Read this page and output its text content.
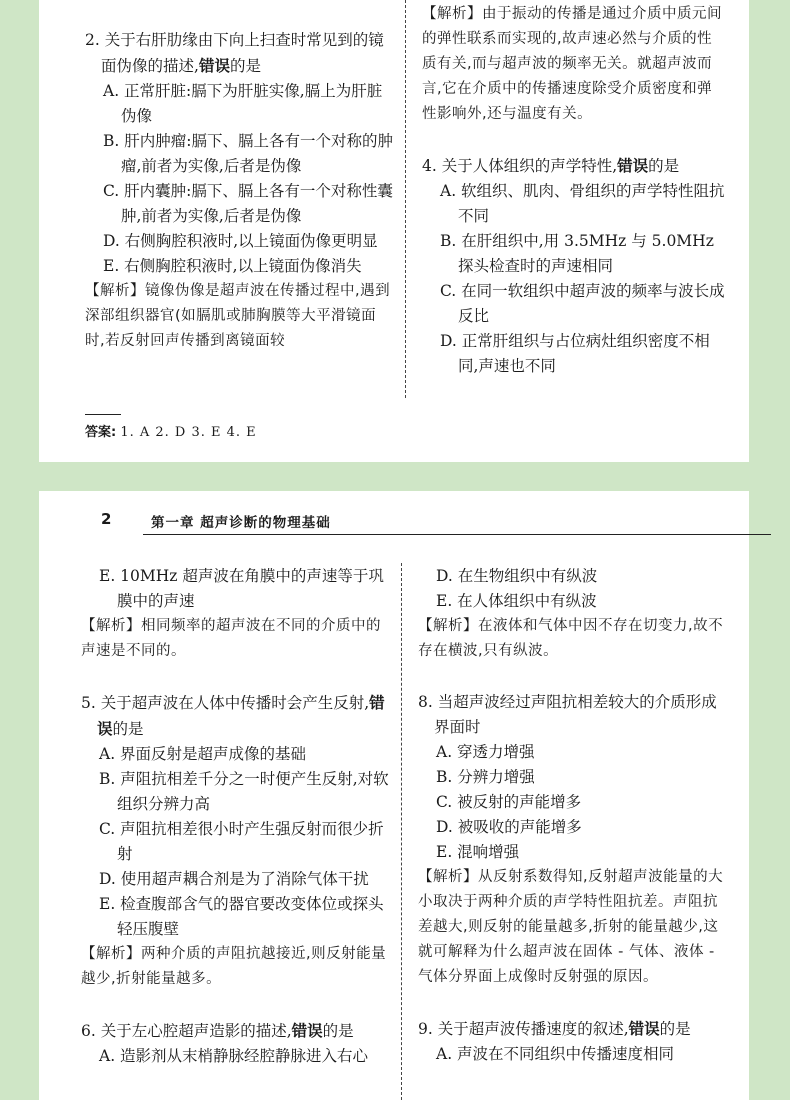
2. 关于右肝肋缘由下向上扫查时常见到的镜面伪像的描述,错误的是
A. 正常肝脏:膈下为肝脏实像,膈上为肝脏伪像
B. 肝内肿瘤:膈下、膈上各有一个对称的肿瘤,前者为实像,后者是伪像
C. 肝内囊肿:膈下、膈上各有一个对称性囊肿,前者为实像,后者是伪像
D. 右侧胸腔积液时,以上镜面伪像更明显
E. 右侧胸腔积液时,以上镜面伪像消失
【解析】镜像伪像是超声波在传播过程中,遇到深部组织器官(如膈肌或肺胸膜等大平滑镜面时,若反射回声传播到离镜面较
【解析】由于振动的传播是通过介质中质元间的弹性联系而实现的,故声速必然与介质的性质有关,而与超声波的频率无关。就超声波而言,它在介质中的传播速度除受介质密度和弹性影响外,还与温度有关。
4. 关于人体组织的声学特性,错误的是
A. 软组织、肌肉、骨组织的声学特性阻抗不同
B. 在肝组织中,用 3.5MHz 与 5.0MHz 探头检查时的声速相同
C. 在同一软组织中超声波的频率与波长成反比
D. 正常肝组织与占位病灶组织密度不相同,声速也不同
答案: 1. A 2. D 3. E 4. E
2	第一章 超声诊断的物理基础
E. 10MHz 超声波在角膜中的声速等于巩膜中的声速
【解析】相同频率的超声波在不同的介质中的声速是不同的。
5. 关于超声波在人体中传播时会产生反射,错误的是
A. 界面反射是超声成像的基础
B. 声阻抗相差千分之一时便产生反射,对软组织分辨力高
C. 声阻抗相差很小时产生强反射而很少折射
D. 使用超声耦合剂是为了消除气体干扰
E. 检查腹部含气的器官要改变体位或探头轻压腹壁
【解析】两种介质的声阻抗越接近,则反射能量越少,折射能量越多。
6. 关于左心腔超声造影的描述,错误的是
A. 造影剂从末梢静脉经腔静脉进入右心
D. 在生物组织中有纵波
E. 在人体组织中有纵波
【解析】在液体和气体中因不存在切变力,故不存在横波,只有纵波。
8. 当超声波经过声阻抗相差较大的介质形成界面时
A. 穿透力增强
B. 分辨力增强
C. 被反射的声能增多
D. 被吸收的声能增多
E. 混响增强
【解析】从反射系数得知,反射超声波能量的大小取决于两种介质的声学特性阻抗差。声阻抗差越大,则反射的能量越多,折射的能量越少,这就可解释为什么超声波在固体 - 气体、液体 - 气体分界面上成像时反射强的原因。
9. 关于超声波传播速度的叙述,错误的是
A. 声波在不同组织中传播速度相同
